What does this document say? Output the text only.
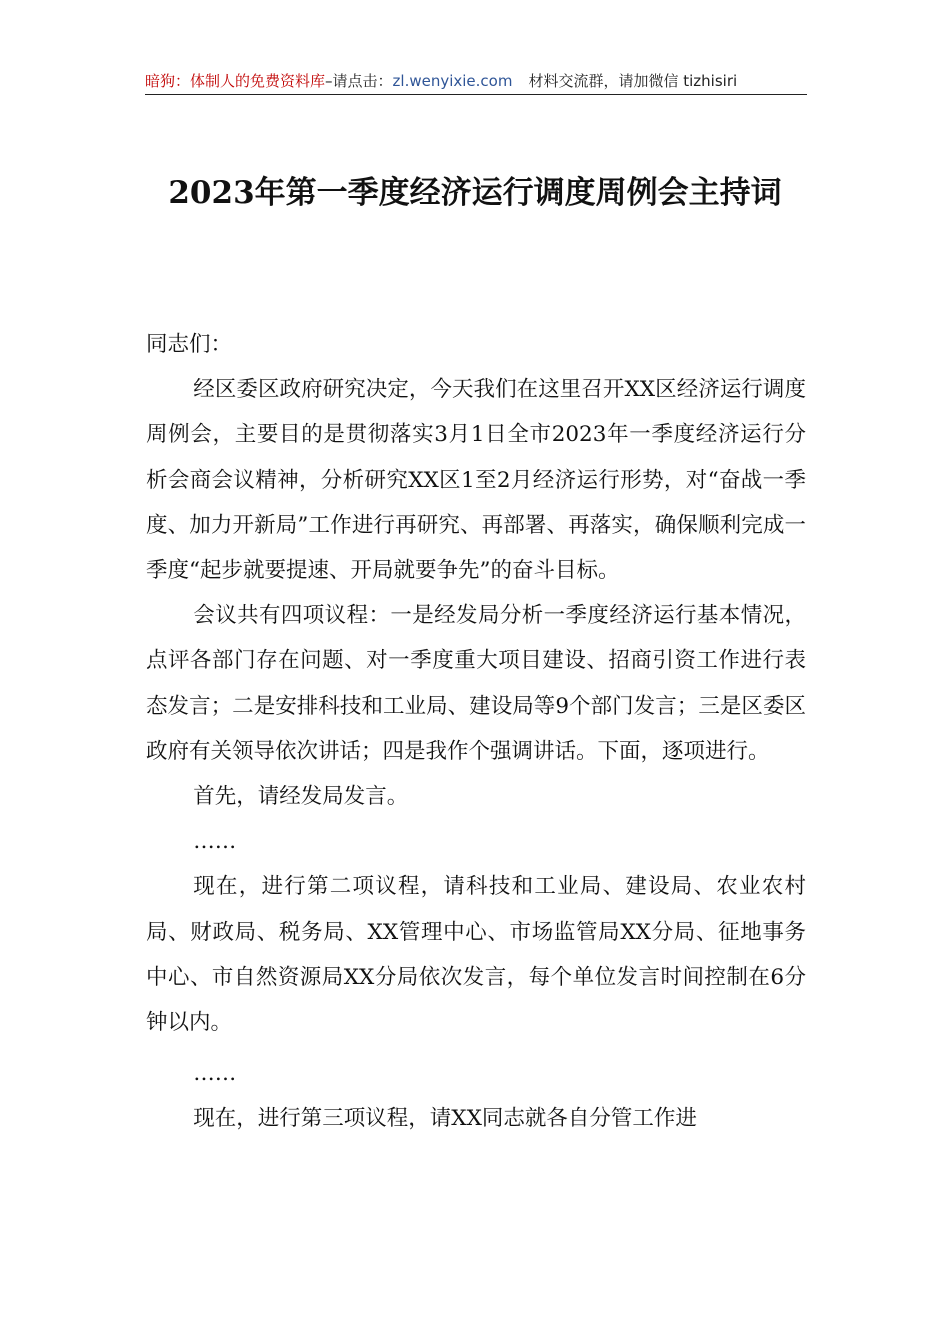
暗狗：体制人的免费资料库–请点击：zl.wenyixie.com 材料交流群，请加微信 tizhisiri
2023年第一季度经济运行调度周例会主持词

同志们：

经区委区政府研究决定，今天我们在这里召开XX区经济运行调度周例会，主要目的是贯彻落实3月1日全市2023年一季度经济运行分析会商会议精神，分析研究XX区1至2月经济运行形势，对“奋战一季度、加力开新局”工作进行再研究、再部署、再落实，确保顺利完成一季度“起步就要提速、开局就要争先”的奋斗目标。

会议共有四项议程：一是经发局分析一季度经济运行基本情况，点评各部门存在问题、对一季度重大项目建设、招商引资工作进行表态发言；二是安排科技和工业局、建设局等9个部门发言；三是区委区政府有关领导依次讲话；四是我作个强调讲话。下面，逐项进行。

首先，请经发局发言。

……

现在，进行第二项议程，请科技和工业局、建设局、农业农村局、财政局、税务局、XX管理中心、市场监管局XX分局、征地事务中心、市自然资源局XX分局依次发言，每个单位发言时间控制在6分钟以内。

……

现在，进行第三项议程，请XX同志就各自分管工作进
